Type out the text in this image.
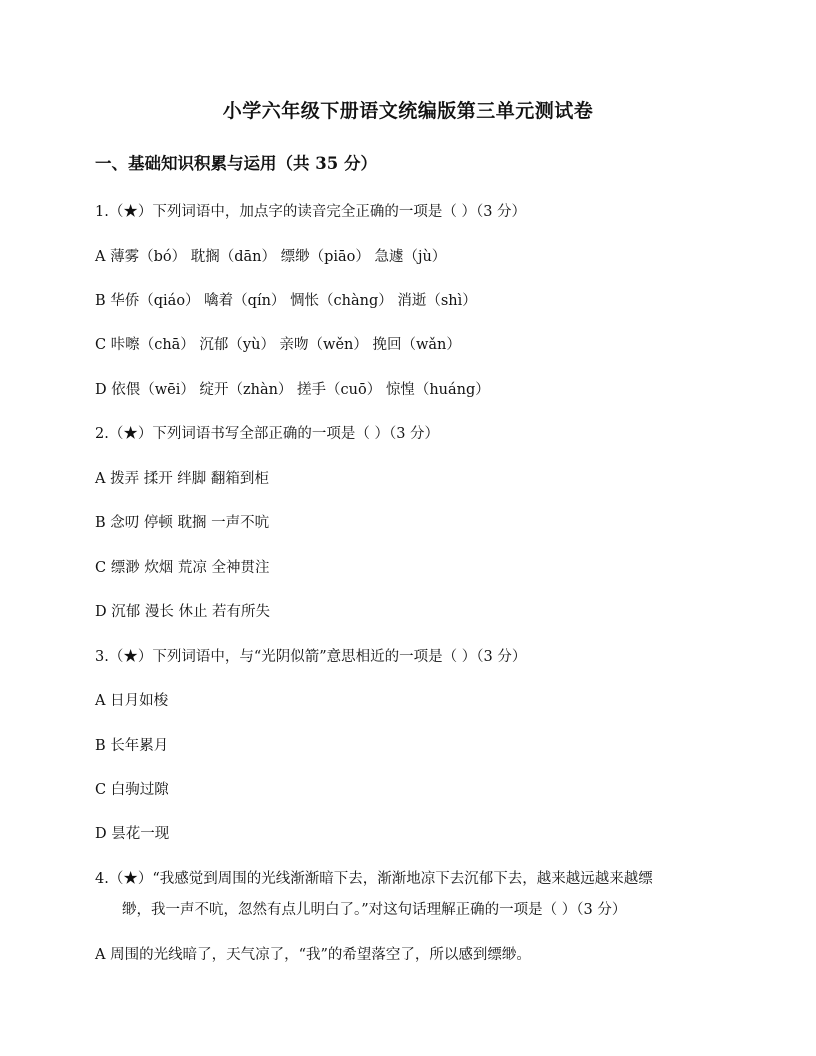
小学六年级下册语文统编版第三单元测试卷
一、基础知识积累与运用（共 35 分）
1.（★）下列词语中，加点字的读音完全正确的一项是（ ）（3 分）
A 薄雾（bó） 耽搁（dān） 缥缈（piāo） 急遽（jù）
B 华侨（qiáo） 噙着（qín） 惆怅（chàng） 消逝（shì）
C 咔嚓（chā） 沉郁（yù） 亲吻（wěn） 挽回（wǎn）
D 依偎（wēi） 绽开（zhàn） 搓手（cuō） 惊惶（huáng）
2.（★）下列词语书写全部正确的一项是（ ）（3 分）
A 拨弄 揉开 绊脚 翻箱到柜
B 念叨 停顿 耽搁 一声不吭
C 缥渺 炊烟 荒凉 全神贯注
D 沉郁 漫长 休止 若有所失
3.（★）下列词语中，与“光阴似箭”意思相近的一项是（ ）（3 分）
A 日月如梭
B 长年累月
C 白驹过隙
D 昙花一现
4.（★）“我感觉到周围的光线渐渐暗下去，渐渐地凉下去沉郁下去，越来越远越来越缥
缈，我一声不吭，忽然有点儿明白了。”对这句话理解正确的一项是（ ）（3 分）
A 周围的光线暗了，天气凉了，“我”的希望落空了，所以感到缥缈。
